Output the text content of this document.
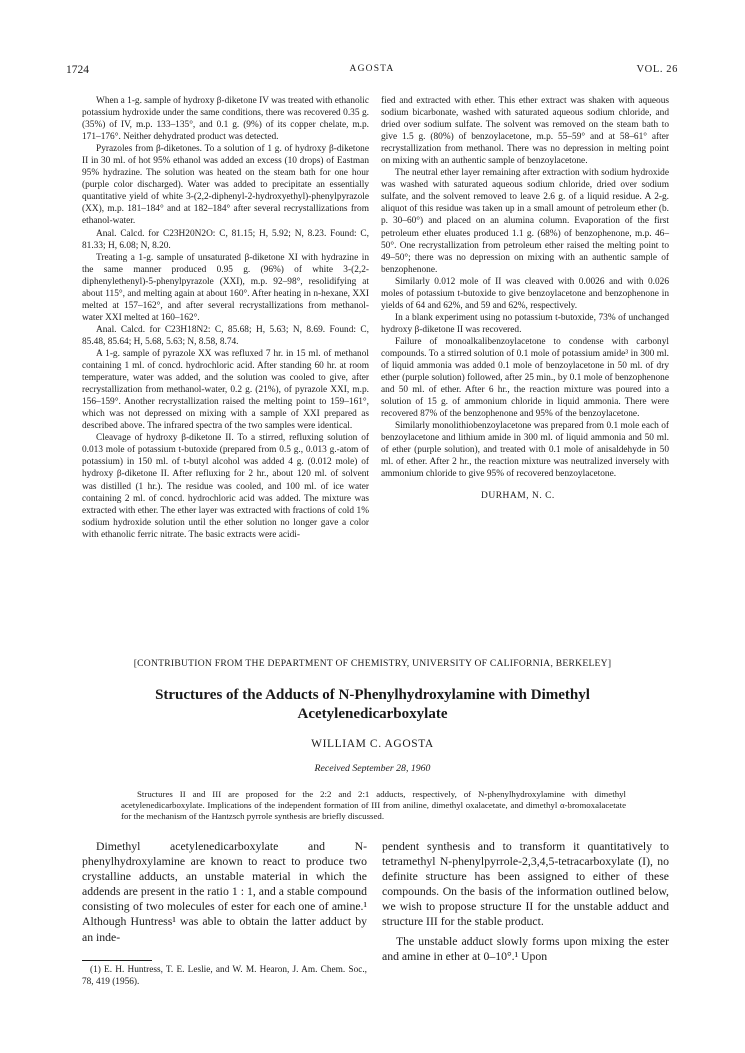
1724	AGOSTA	VOL. 26

When a 1-g. sample of hydroxy β-diketone IV was treated with ethanolic potassium hydroxide under the same conditions, there was recovered 0.35 g. (35%) of IV, m.p. 133–135°, and 0.1 g. (9%) of its copper chelate, m.p. 171–176°. Neither dehydrated product was detected.

Pyrazoles from β-diketones. To a solution of 1 g. of hydroxy β-diketone II in 30 ml. of hot 95% ethanol was added an excess (10 drops) of Eastman 95% hydrazine. The solution was heated on the steam bath for one hour (purple color discharged). Water was added to precipitate an essentially quantitative yield of white 3-(2,2-diphenyl-2-hydroxyethyl)-phenylpyrazole (XX), m.p. 181–184° and at 182–184° after several recrystallizations from ethanol-water.

Anal. Calcd. for C23H20N2O: C, 81.15; H, 5.92; N, 8.23. Found: C, 81.33; H, 6.08; N, 8.20.

Treating a 1-g. sample of unsaturated β-diketone XI with hydrazine in the same manner produced 0.95 g. (96%) of white 3-(2,2-diphenylethenyl)-5-phenylpyrazole (XXI), m.p. 92–98°, resolidifying at about 115°, and melting again at about 160°. After heating in n-hexane, XXI melted at 157–162°, and after several recrystallizations from methanol-water XXI melted at 160–162°.

Anal. Calcd. for C23H18N2: C, 85.68; H, 5.63; N, 8.69. Found: C, 85.48, 85.64; H, 5.68, 5.63; N, 8.58, 8.74.

A 1-g. sample of pyrazole XX was refluxed 7 hr. in 15 ml. of methanol containing 1 ml. of concd. hydrochloric acid. After standing 60 hr. at room temperature, water was added, and the solution was cooled to give, after recrystallization from methanol-water, 0.2 g. (21%), of pyrazole XXI, m.p. 156–159°. Another recrystallization raised the melting point to 159–161°, which was not depressed on mixing with a sample of XXI prepared as described above. The infrared spectra of the two samples were identical.

Cleavage of hydroxy β-diketone II. To a stirred, refluxing solution of 0.013 mole of potassium t-butoxide (prepared from 0.5 g., 0.013 g.-atom of potassium) in 150 ml. of t-butyl alcohol was added 4 g. (0.012 mole) of hydroxy β-diketone II. After refluxing for 2 hr., about 120 ml. of solvent was distilled (1 hr.). The residue was cooled, and 100 ml. of ice water containing 2 ml. of concd. hydrochloric acid was added. The mixture was extracted with ether. The ether layer was extracted with fractions of cold 1% sodium hydroxide solution until the ether solution no longer gave a color with ethanolic ferric nitrate. The basic extracts were acidi-

fied and extracted with ether. This ether extract was shaken with aqueous sodium bicarbonate, washed with saturated aqueous sodium chloride, and dried over sodium sulfate. The solvent was removed on the steam bath to give 1.5 g. (80%) of benzoylacetone, m.p. 55–59° and at 58–61° after recrystallization from methanol. There was no depression in melting point on mixing with an authentic sample of benzoylacetone.

The neutral ether layer remaining after extraction with sodium hydroxide was washed with saturated aqueous sodium chloride, dried over sodium sulfate, and the solvent removed to leave 2.6 g. of a liquid residue. A 2-g. aliquot of this residue was taken up in a small amount of petroleum ether (b. p. 30–60°) and placed on an alumina column. Evaporation of the first petroleum ether eluates produced 1.1 g. (68%) of benzophenone, m.p. 46–50°. One recrystallization from petroleum ether raised the melting point to 49–50°; there was no depression on mixing with an authentic sample of benzophenone.

Similarly 0.012 mole of II was cleaved with 0.0026 and with 0.026 moles of potassium t-butoxide to give benzoylacetone and benzophenone in yields of 64 and 62%, and 59 and 62%, respectively.

In a blank experiment using no potassium t-butoxide, 73% of unchanged hydroxy β-diketone II was recovered.

Failure of monoalkalibenzoylacetone to condense with carbonyl compounds. To a stirred solution of 0.1 mole of potassium amide³ in 300 ml. of liquid ammonia was added 0.1 mole of benzoylacetone in 50 ml. of dry ether (purple solution) followed, after 25 min., by 0.1 mole of benzophenone and 50 ml. of ether. After 6 hr., the reaction mixture was poured into a solution of 15 g. of ammonium chloride in liquid ammonia. There were recovered 87% of the benzophenone and 95% of the benzoylacetone.

Similarly monolithiobenzoylacetone was prepared from 0.1 mole each of benzoylacetone and lithium amide in 300 ml. of liquid ammonia and 50 ml. of ether (purple solution), and treated with 0.1 mole of anisaldehyde in 50 ml. of ether. After 2 hr., the reaction mixture was neutralized inversely with ammonium chloride to give 95% of recovered benzoylacetone.

DURHAM, N. C.

[CONTRIBUTION FROM THE DEPARTMENT OF CHEMISTRY, UNIVERSITY OF CALIFORNIA, BERKELEY]
Structures of the Adducts of N-Phenylhydroxylamine with Dimethyl
Acetylenedicarboxylate
WILLIAM C. AGOSTA
Received September 28, 1960

Structures II and III are proposed for the 2:2 and 2:1 adducts, respectively, of N-phenylhydroxylamine with dimethyl acetylenedicarboxylate. Implications of the independent formation of III from aniline, dimethyl oxalacetate, and dimethyl α-bromoxalacetate for the mechanism of the Hantzsch pyrrole synthesis are briefly discussed.

Dimethyl acetylenedicarboxylate and N-phenylhydroxylamine are known to react to produce two crystalline adducts, an unstable material in which the addends are present in the ratio 1 : 1, and a stable compound consisting of two molecules of ester for each one of amine.¹ Although Huntress¹ was able to obtain the latter adduct by an inde-

(1) E. H. Huntress, T. E. Leslie, and W. M. Hearon, J. Am. Chem. Soc., 78, 419 (1956).

pendent synthesis and to transform it quantitatively to tetramethyl N-phenylpyrrole-2,3,4,5-tetracarboxylate (I), no definite structure has been assigned to either of these compounds. On the basis of the information outlined below, we wish to propose structure II for the unstable adduct and structure III for the stable product.

The unstable adduct slowly forms upon mixing the ester and amine in ether at 0–10°.¹ Upon
